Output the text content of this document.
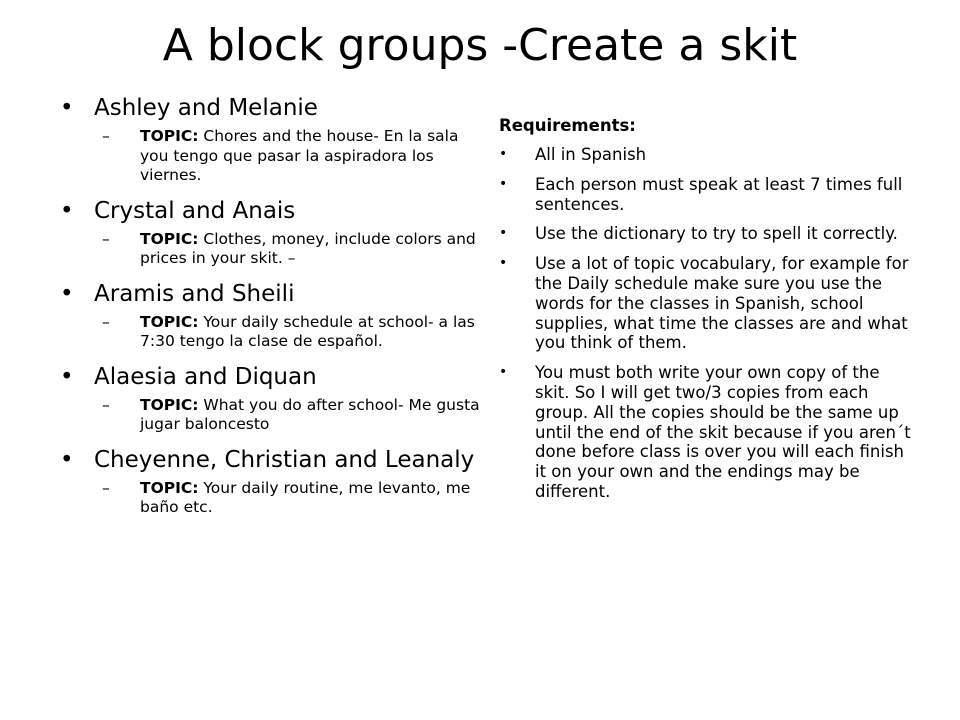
A block groups -Create a skit
• Ashley and Melanie
– TOPIC: Chores and the house- En la sala you tengo que pasar la aspiradora los viernes.
• Crystal and Anais
– TOPIC: Clothes, money, include colors and prices in your skit. –
• Aramis and Sheili
– TOPIC: Your daily schedule at school- a las 7:30 tengo la clase de español.
• Alaesia and Diquan
– TOPIC: What you do after school- Me gusta jugar baloncesto
• Cheyenne, Christian and Leanaly
– TOPIC: Your daily routine, me levanto, me baño etc.
Requirements:
• All in Spanish
• Each person must speak at least 7 times full sentences.
• Use the dictionary to try to spell it correctly.
• Use a lot of topic vocabulary, for example for the Daily schedule make sure you use the words for the classes in Spanish, school supplies, what time the classes are and what you think of them.
• You must both write your own copy of the skit. So I will get two/3 copies from each group. All the copies should be the same up until the end of the skit because if you aren´t done before class is over you will each finish it on your own and the endings may be different.
